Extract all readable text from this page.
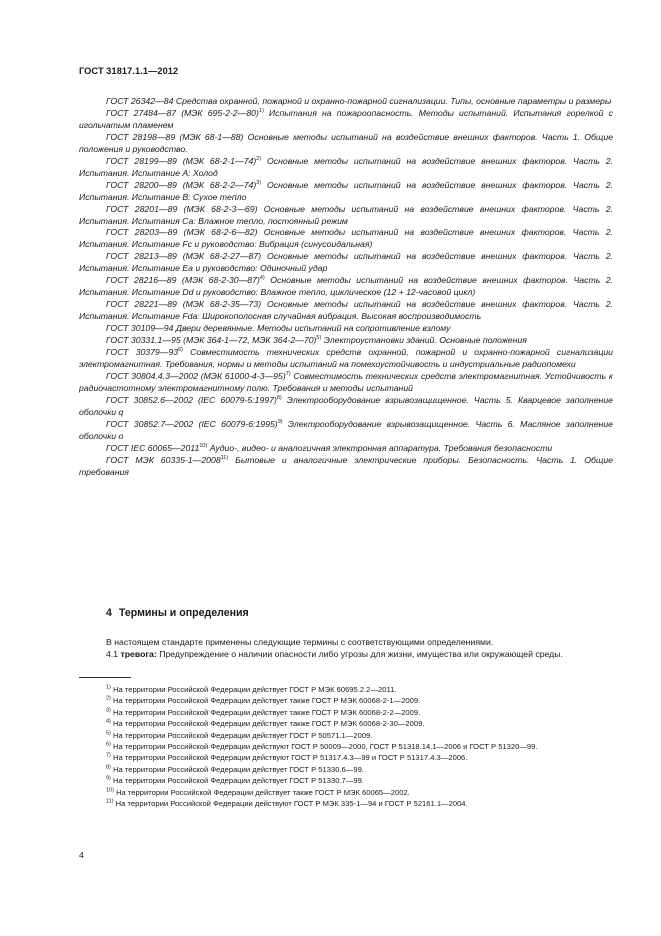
ГОСТ 31817.1.1—2012

ГОСТ 26342—84 Средства охранной, пожарной и охранно-пожарной сигнализации. Типы, основные параметры и размеры

ГОСТ 27484—87 (МЭК 695-2-2—80)$^{1)}$ Испытания на пожароопасность. Методы испытаний. Испытания горелкой с игольчатым пламенем

ГОСТ 28198—89 (МЭК 68-1—88) Основные методы испытаний на воздействие внешних факторов. Часть 1. Общие положения и руководство.

ГОСТ 28199—89 (МЭК 68-2-1—74)$^{2)}$ Основные методы испытаний на воздействие внешних факторов. Часть 2. Испытания. Испытание А: Холод

ГОСТ 28200—89 (МЭК 68-2-2—74)$^{3)}$ Основные методы испытаний на воздействие внешних факторов. Часть 2. Испытания. Испытание В: Сухое тепло

ГОСТ 28201—89 (МЭК 68-2-3—69) Основные методы испытаний на воздействие внешних факторов. Часть 2. Испытания. Испытания Са: Влажное тепло, постоянный режим

ГОСТ 28203—89 (МЭК 68-2-6—82) Основные методы испытаний на воздействие внешних факторов. Часть 2. Испытания. Испытание Fc и руководство: Вибрация (синусоидальная)

ГОСТ 28213—89 (МЭК 68-2-27—87) Основные методы испытаний на воздействие внешних факторов. Часть 2. Испытания. Испытание Еа и руководство: Одиночный удар

ГОСТ 28216—89 (МЭК 68-2-30—87)$^{4)}$ Основные методы испытаний на воздействие внешних факторов. Часть 2. Испытания. Испытание Dd и руководство: Влажное тепло, циклическое (12 + 12-часовой цикл)

ГОСТ 28221—89 (МЭК 68-2-35—73) Основные методы испытаний на воздействие внешних факторов. Часть 2. Испытания. Испытание Fda: Широкополосная случайная вибрация. Высокая воспроизводимость

ГОСТ 30109—94 Двери деревянные. Методы испытаний на сопротивление взлому

ГОСТ 30331.1—95 (МЭК 364-1—72, МЭК 364-2—70)$^{5)}$ Электроустановки зданий. Основные положения

ГОСТ 30379—93$^{6)}$ Совместимость технических средств охранной, пожарной и охранно-пожарной сигнализации электромагнитная. Требования, нормы и методы испытаний на помехоустойчивость и индустриальные радиопомехи

ГОСТ 30804.4.3—2002 (МЭК 61000-4-3—95)$^{7)}$ Совместимость технических средств электромагнитная. Устойчивость к радиочастотному электромагнитному полю. Требования и методы испытаний

ГОСТ 30852.6—2002 (IEC 60079-5:1997)$^{8)}$ Электрооборудование взрывозащищенное. Часть 5. Кварцевое заполнение оболочки q

ГОСТ 30852.7—2002 (IEC 60079-6:1995)$^{9)}$ Электрооборудование взрывозащищенное. Часть 6. Масляное заполнение оболочки o

ГОСТ IEC 60065—2011$^{10)}$ Аудио-, видео- и аналогичная электронная аппаратура. Требования безопасности

ГОСТ МЭК 60335-1—2008$^{11)}$ Бытовые и аналогичные электрические приборы. Безопасность. Часть 1. Общие требования

4 Термины и определения

В настоящем стандарте применены следующие термины с соответствующими определениями.

4.1 тревога: Предупреждение о наличии опасности либо угрозы для жизни, имущества или окружающей среды.

$^{1)}$ На территории Российской Федерации действует ГОСТ Р МЭК 60695.2.2—2011.

$^{2)}$ На территории Российской Федерации действует также ГОСТ Р МЭК 60068-2-1—2009.

$^{3)}$ На территории Российской Федерации действует также ГОСТ Р МЭК 60068-2-2—2009.

$^{4)}$ На территории Российской Федерации действует также ГОСТ Р МЭК 60068-2-30—2009.

$^{5)}$ На территории Российской Федерации действует ГОСТ Р 50571.1—2009.

$^{6)}$ На территории Российской Федерации действуют ГОСТ Р 50009—2000, ГОСТ Р 51318.14.1—2006 и ГОСТ Р 51320—99.

$^{7)}$ На территории Российской Федерации действуют ГОСТ Р 51317.4.3—99 и ГОСТ Р 51317.4.3—2006.

$^{8)}$ На территории Российской Федерации действует ГОСТ Р 51330.6—99.

$^{9)}$ На территории Российской Федерации действует ГОСТ Р 51330.7—99.

$^{10)}$ На территории Российской Федерации действует также ГОСТ Р МЭК 60065—2002.

$^{11)}$ На территории Российской Федерации действуют ГОСТ Р МЭК 335-1—94 и ГОСТ Р 52161.1—2004.

4
